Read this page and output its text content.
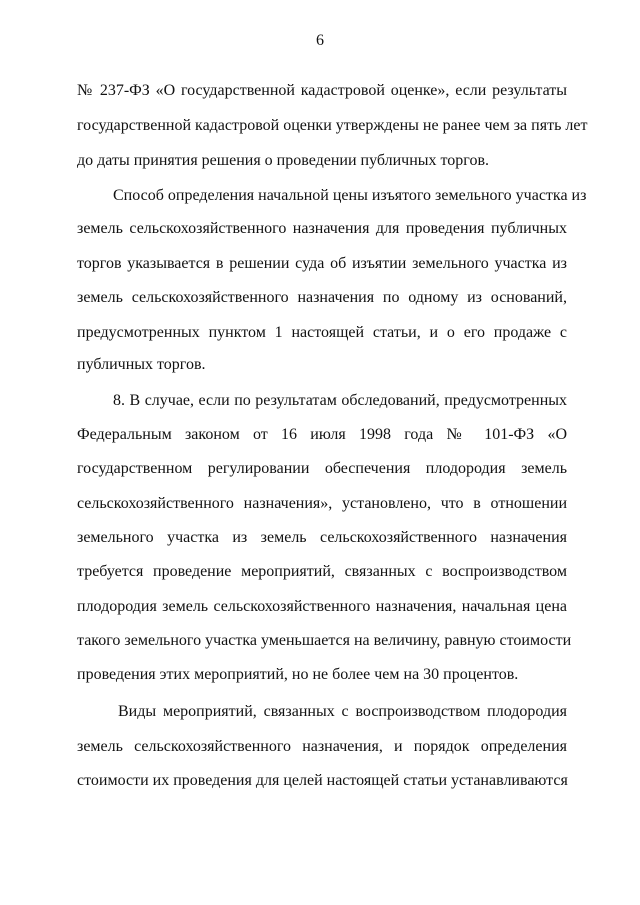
6
№ 237-ФЗ «О государственной кадастровой оценке», если результаты
государственной кадастровой оценки утверждены не ранее чем за пять лет
до даты принятия решения о проведении публичных торгов.
Способ определения начальной цены изъятого земельного участка из
земель сельскохозяйственного назначения для проведения публичных
торгов указывается в решении суда об изъятии земельного участка из
земель сельскохозяйственного назначения по одному из оснований,
предусмотренных пунктом 1 настоящей статьи, и о его продаже с
публичных торгов.
8. В случае, если по результатам обследований, предусмотренных
Федеральным законом от 16 июля 1998 года № 101-ФЗ «О
государственном регулировании обеспечения плодородия земель
сельскохозяйственного назначения», установлено, что в отношении
земельного участка из земель сельскохозяйственного назначения
требуется проведение мероприятий, связанных с воспроизводством
плодородия земель сельскохозяйственного назначения, начальная цена
такого земельного участка уменьшается на величину, равную стоимости
проведения этих мероприятий, но не более чем на 30 процентов.
Виды мероприятий, связанных с воспроизводством плодородия
земель сельскохозяйственного назначения, и порядок определения
стоимости их проведения для целей настоящей статьи устанавливаются
